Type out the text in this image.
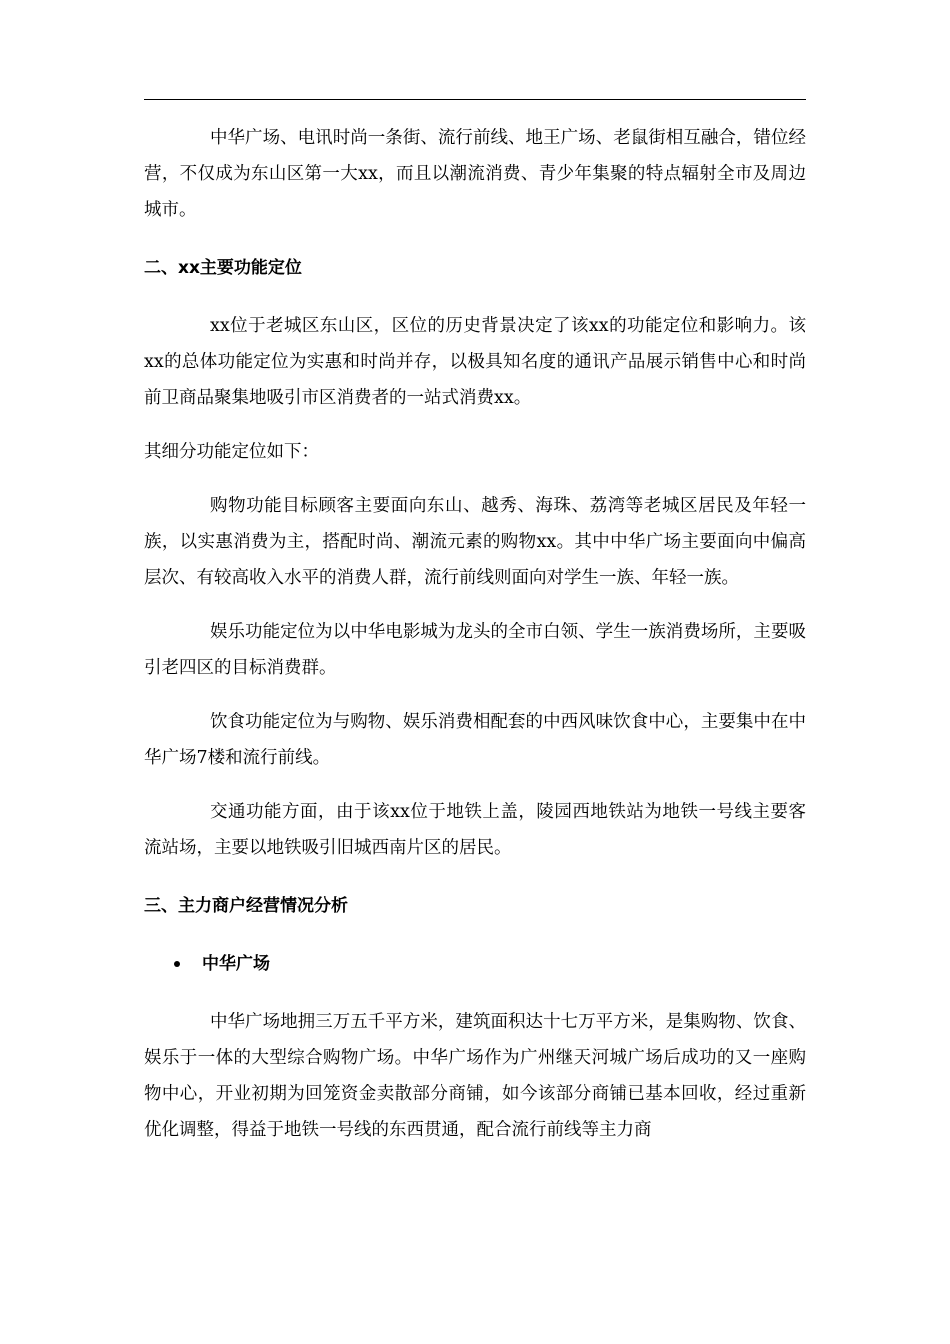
中华广场、电讯时尚一条街、流行前线、地王广场、老鼠街相互融合，错位经营，不仅成为东山区第一大xx，而且以潮流消费、青少年集聚的特点辐射全市及周边城市。

二、xx主要功能定位

xx位于老城区东山区，区位的历史背景决定了该xx的功能定位和影响力。该xx的总体功能定位为实惠和时尚并存，以极具知名度的通讯产品展示销售中心和时尚前卫商品聚集地吸引市区消费者的一站式消费xx。

其细分功能定位如下：

购物功能目标顾客主要面向东山、越秀、海珠、荔湾等老城区居民及年轻一族，以实惠消费为主，搭配时尚、潮流元素的购物xx。其中中华广场主要面向中偏高层次、有较高收入水平的消费人群，流行前线则面向对学生一族、年轻一族。

娱乐功能定位为以中华电影城为龙头的全市白领、学生一族消费场所，主要吸引老四区的目标消费群。

饮食功能定位为与购物、娱乐消费相配套的中西风味饮食中心，主要集中在中华广场7楼和流行前线。

交通功能方面，由于该xx位于地铁上盖，陵园西地铁站为地铁一号线主要客流站场，主要以地铁吸引旧城西南片区的居民。

三、主力商户经营情况分析

中华广场

中华广场地拥三万五千平方米，建筑面积达十七万平方米，是集购物、饮食、娱乐于一体的大型综合购物广场。中华广场作为广州继天河城广场后成功的又一座购物中心，开业初期为回笼资金卖散部分商铺，如今该部分商铺已基本回收，经过重新优化调整，得益于地铁一号线的东西贯通，配合流行前线等主力商
